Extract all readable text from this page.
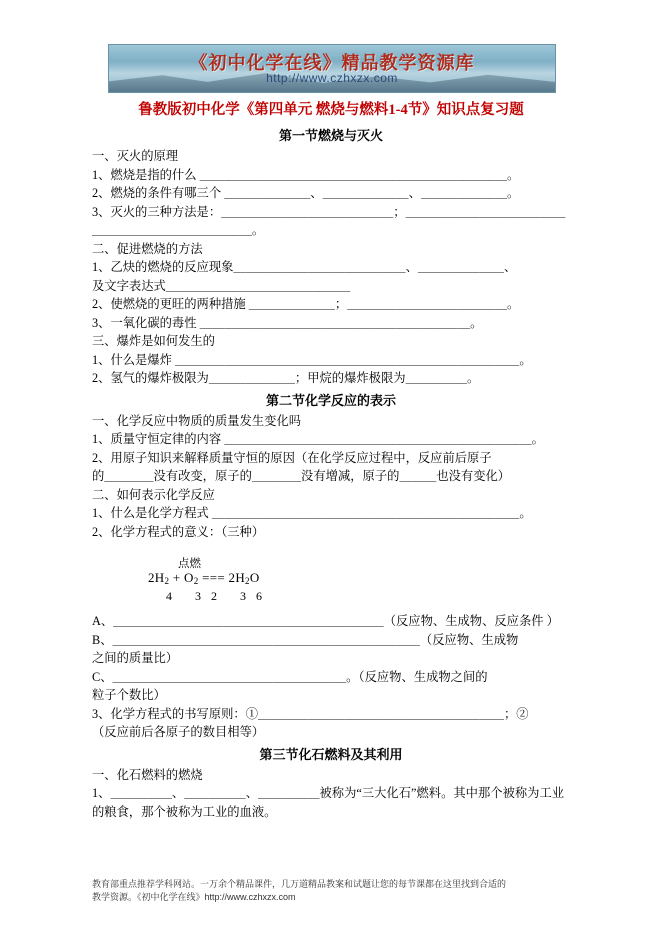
《初中化学在线》精品教学资源库
http://www.czhxzx.com
鲁教版初中化学《第四单元 燃烧与燃料1-4节》知识点复习题
第一节燃烧与灭火

一、灭火的原理

1、燃烧是指的什么 ＿＿＿＿＿＿＿＿＿＿＿＿＿＿＿＿＿＿＿＿＿＿＿＿＿。

2、燃烧的条件有哪三个 ＿＿＿＿＿＿＿、＿＿＿＿＿＿＿、＿＿＿＿＿＿＿。

3、灭火的三种方法是：＿＿＿＿＿＿＿＿＿＿＿＿＿＿；＿＿＿＿＿＿＿＿＿＿＿＿＿

＿＿＿＿＿＿＿＿＿＿＿＿＿。

二、促进燃烧的方法

1、乙炔的燃烧的反应现象＿＿＿＿＿＿＿＿＿＿＿＿＿＿、＿＿＿＿＿＿＿、

及文字表达式＿＿＿＿＿＿＿＿＿＿＿＿＿＿＿

2、使燃烧的更旺的两种措施 ＿＿＿＿＿＿＿；＿＿＿＿＿＿＿＿＿＿＿＿＿。

3、一氧化碳的毒性 ＿＿＿＿＿＿＿＿＿＿＿＿＿＿＿＿＿＿＿＿＿＿。

三、爆炸是如何发生的

1、什么是爆炸 ＿＿＿＿＿＿＿＿＿＿＿＿＿＿＿＿＿＿＿＿＿＿＿＿＿＿＿＿。

2、氢气的爆炸极限为＿＿＿＿＿＿＿；甲烷的爆炸极限为＿＿＿＿＿。

第二节化学反应的表示

一、化学反应中物质的质量发生变化吗

1、质量守恒定律的内容 ＿＿＿＿＿＿＿＿＿＿＿＿＿＿＿＿＿＿＿＿＿＿＿＿＿。

2、用原子知识来解释质量守恒的原因（在化学反应过程中，反应前后原子

的＿＿＿＿没有改变，原子的＿＿＿＿没有增减，原子的＿＿＿也没有变化）

二、如何表示化学反应

1、什么是化学方程式 ＿＿＿＿＿＿＿＿＿＿＿＿＿＿＿＿＿＿＿＿＿＿＿＿＿。

2、化学方程式的意义：（三种）

点燃
$2H_2 + O_2$ === $2H_2O$
4 32 36

A、＿＿＿＿＿＿＿＿＿＿＿＿＿＿＿＿＿＿＿＿＿＿（反应物、生成物、反应条件 ）

B、＿＿＿＿＿＿＿＿＿＿＿＿＿＿＿＿＿＿＿＿＿＿＿＿＿（反应物、生成物

之间的质量比）

C、＿＿＿＿＿＿＿＿＿＿＿＿＿＿＿＿＿＿＿。（反应物、生成物之间的

粒子个数比）

3、化学方程式的书写原则：①＿＿＿＿＿＿＿＿＿＿＿＿＿＿＿＿＿＿＿＿；②

（反应前后各原子的数目相等）

第三节化石燃料及其利用

一、化石燃料的燃烧

1、＿＿＿＿＿、＿＿＿＿＿、＿＿＿＿＿被称为“三大化石”燃料。其中那个被称为工业

的粮食，那个被称为工业的血液。

教育部重点推荐学科网站。一万余个精品课件，几万道精品教案和试题让您的每节课都在这里找到合适的

教学资源。《初中化学在线》http://www.czhxzx.com
